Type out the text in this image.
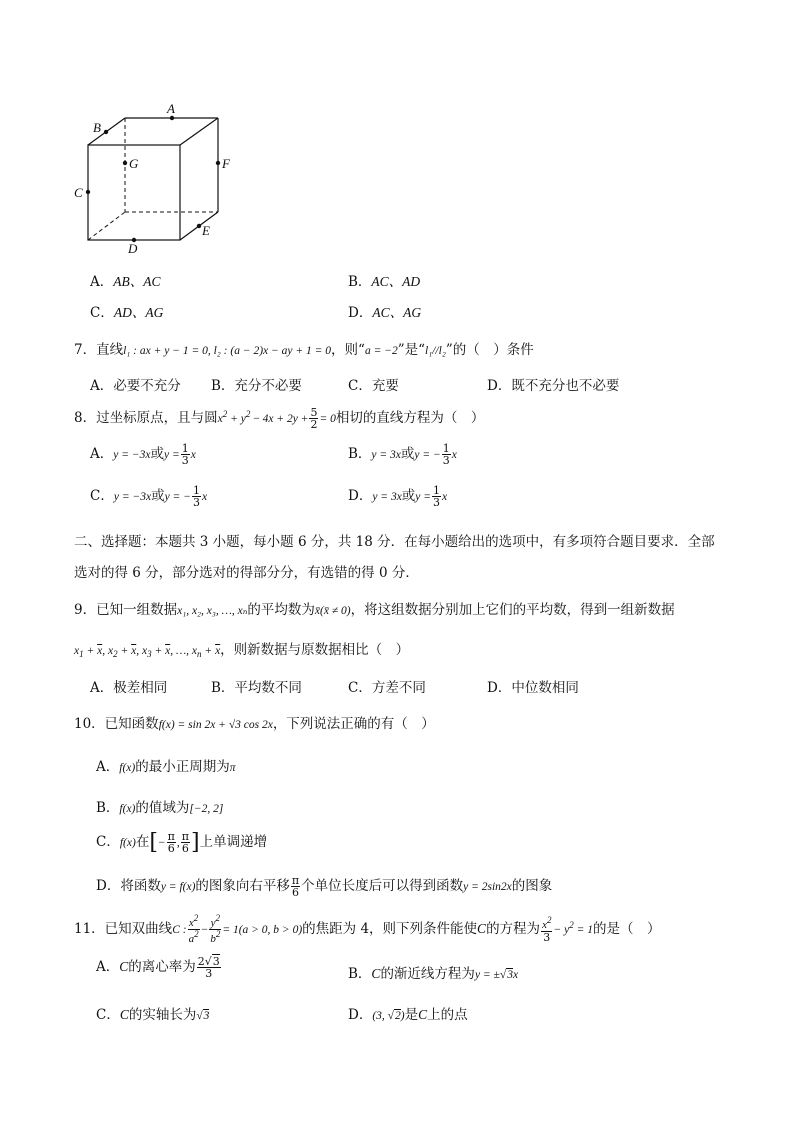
A
B
C
D
E
F
G
A．AB、AC	B．AC、AD
C．AD、AG	D．AC、AG
7．直线l₁ : ax + y − 1 = 0, l₂ : (a − 2)x − ay + 1 = 0，则“a = −2”是“l₁//l₂”的（　）条件
A．必要不充分 B．充分不必要	C．充要	D．既不充分也不必要
8．过坐标原点，且与圆$x^2 + y^2 - 4x + 2y + \frac{5}{2} = 0$相切的直线方程为（　）
A．y = −3x或$y = \frac{1}{3}$ x	B．y = 3x或y = − $\frac{1}{3}$ x
C．y = −3x或y = − $\frac{1}{3}$ x	D．y = 3x或$y = \frac{1}{3}$ x
二、选择题：本题共 3 小题，每小题 6 分，共 18 分．在每小题给出的选项中，有多项符合题目要求．全部
选对的得 6 分，部分选对的得部分分，有选错的得 0 分．
9．已知一组数据x₁, x₂, x₃, …, xₙ的平均数为x̄(x̄ ≠ 0)，将这组数据分别加上它们的平均数，得到一组新数据
$x_1 + \overline{x}$, $x_2 + \overline{x}$, $x_3 + \overline{x}$, …, $x_n + \overline{x}$，则新数据与原数据相比（　）
A．极差相同	B．平均数不同	C．方差不同	D．中位数相同
10．已知函数f(x) = sin 2x + √3 cos 2x，下列说法正确的有（　）
A．f(x)的最小正周期为π
B．f(x)的值域为[−2, 2]
C．f(x)在[− $\frac{\pi}{6}$ , $\frac{\pi}{6}$ ]上单调递增
D．将函数y = f(x)的图象向右平移 $\frac{\pi}{6}$ 个单位长度后可以得到函数y = 2sin2x的图象
11．已知双曲线C : $\frac{x^2}{a^2} - \frac{y^2}{b^2} = 1(a > 0$, b > 0)的焦距为 4，则下列条件能使C的方程为 $\frac{x^2}{3} - y^2 = 1$的是（　）
A．C的离心率为 $\frac{2√3}{3}$	B．C的渐近线方程为y = ±√3x
C．C的实轴长为√3	D．(3, √2)是C上的点
